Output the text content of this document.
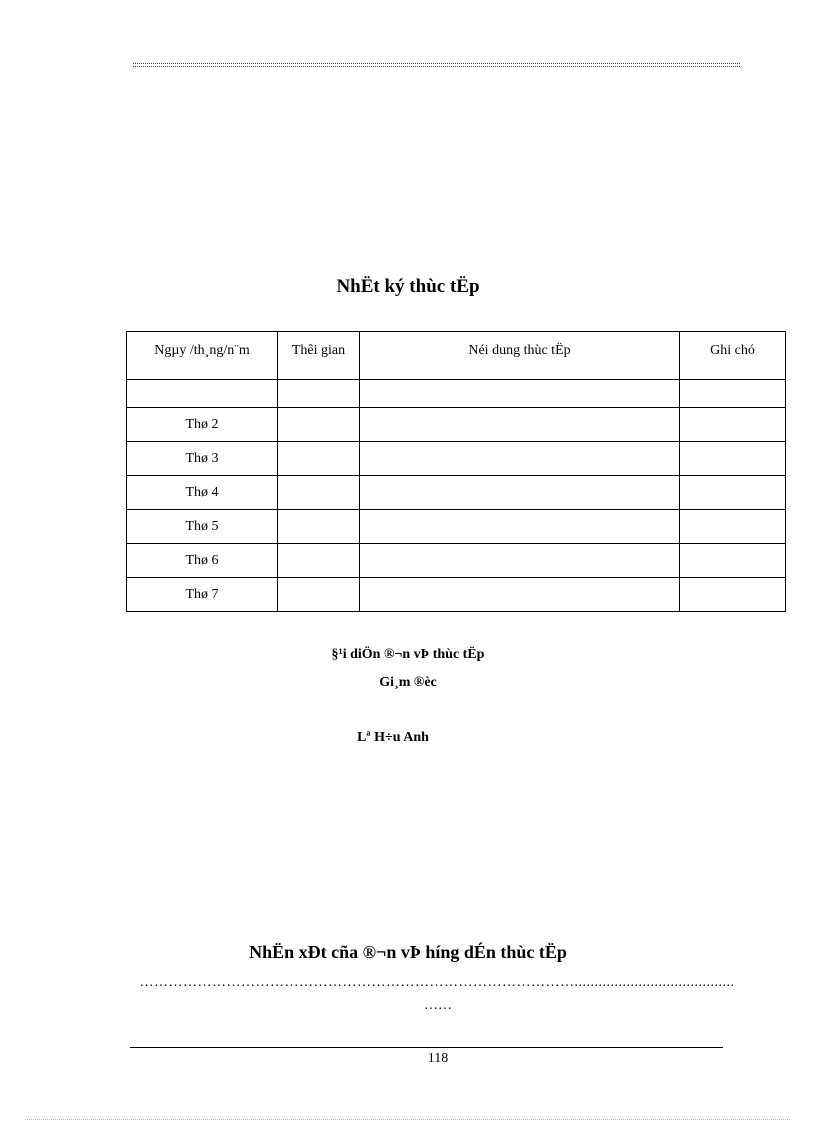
NhËt ký thùc tËp
Ngµy /th¸ng/n¨m	Thêi gian	Néi dung thùc tËp	Ghi chó

Thø 2			
Thø 3			
Thø 4			
Thø 5			
Thø 6			
Thø 7			
§¹i diÖn ®¬n vÞ thùc tËp
Gi¸m ®èc
Lª H÷u Anh
NhËn xÐt cña ®¬n vÞ híng dÉn thùc tËp
………………………………………………………………………………........................................
……
118
